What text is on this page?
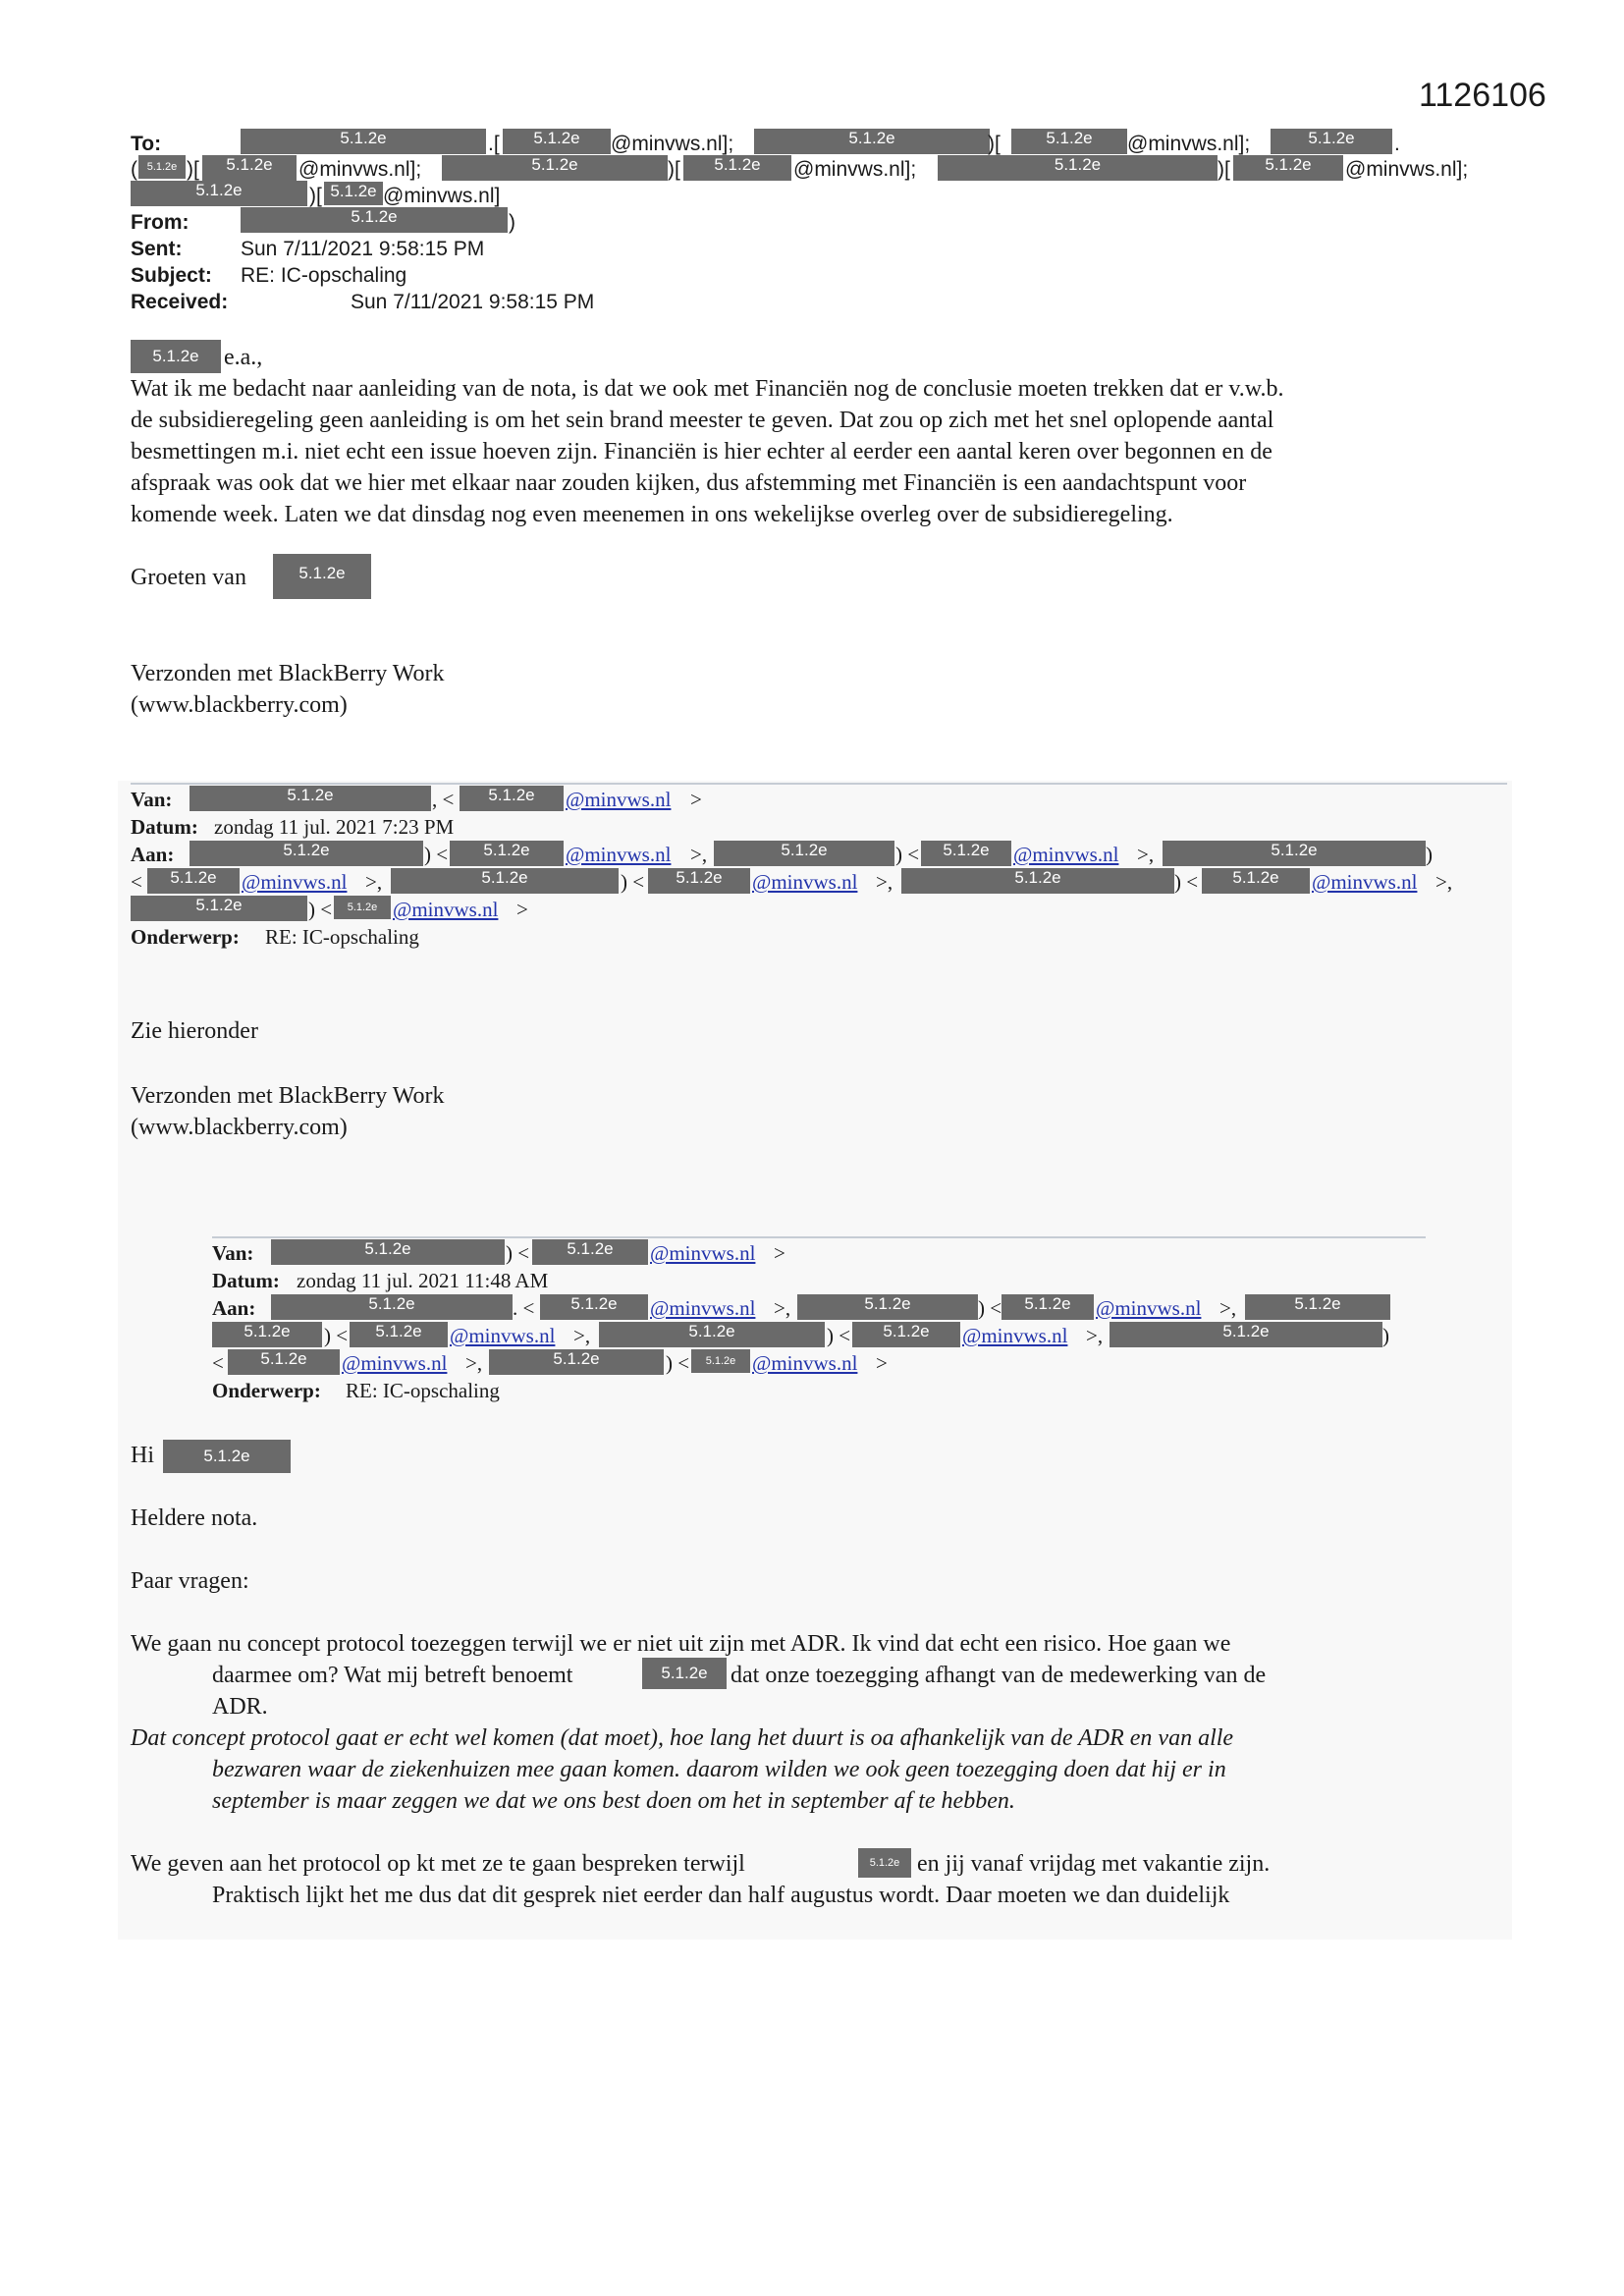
1126106
To:	5.1.2e	.[	5.1.2e	@minvws.nl];	5.1.2e	)[	5.1.2e	@minvws.nl];	5.1.2e	.
( 5.1.2e )[	5.1.2e	@minvws.nl];	5.1.2e	)[	5.1.2e	@minvws.nl];	5.1.2e	)[	5.1.2e	@minvws.nl];
5.1.2e	)[ 5.1.2e @minvws.nl]
From:	5.1.2e	)
Sent:	Sun 7/11/2021 9:58:15 PM
Subject: RE: IC-opschaling
Received:	Sun 7/11/2021 9:58:15 PM
5.1.2e	e.a.,
Wat ik me bedacht naar aanleiding van de nota, is dat we ook met Financiën nog de conclusie moeten trekken dat er v.w.b.
de subsidieregeling geen aanleiding is om het sein brand meester te geven. Dat zou op zich met het snel oplopende aantal
besmettingen m.i. niet echt een issue hoeven zijn. Financiën is hier echter al eerder een aantal keren over begonnen en de
afspraak was ook dat we hier met elkaar naar zouden kijken, dus afstemming met Financiën is een aandachtspunt voor
komende week. Laten we dat dinsdag nog even meenemen in ons wekelijkse overleg over de subsidieregeling.
Groeten van	5.1.2e
Verzonden met BlackBerry Work
(www.blackberry.com)
Van:	5.1.2e	, <	5.1.2e	@minvws.nl >
Datum: zondag 11 jul. 2021 7:23 PM
Aan:	5.1.2e	) <	5.1.2e	@minvws.nl >,	5.1.2e	) <	5.1.2e	@minvws.nl >,	5.1.2e	)
<	5.1.2e	@minvws.nl >,	5.1.2e	) <	5.1.2e	@minvws.nl >,	5.1.2e	) <	5.1.2e	@minvws.nl >,
5.1.2e	) <	5.1.2e @minvws.nl >
Onderwerp: RE: IC-opschaling
Zie hieronder
Verzonden met BlackBerry Work
(www.blackberry.com)
Van:	5.1.2e	) <	5.1.2e	@minvws.nl >
Datum: zondag 11 jul. 2021 11:48 AM
Aan:	5.1.2e	. <	5.1.2e	@minvws.nl >,	5.1.2e	) <	5.1.2e	@minvws.nl >,	5.1.2e
5.1.2e	) <	5.1.2e	@minvws.nl >,	5.1.2e	) <	5.1.2e	@minvws.nl >,	5.1.2e	)
<	5.1.2e	@minvws.nl >,	5.1.2e	) <	5.1.2e @minvws.nl >
Onderwerp: RE: IC-opschaling
Hi	5.1.2e
Heldere nota.
Paar vragen:
We gaan nu concept protocol toezeggen terwijl we er niet uit zijn met ADR. Ik vind dat echt een risico. Hoe gaan we
daarmee om? Wat mij betreft benoemt	5.1.2e dat onze toezegging afhangt van de medewerking van de
ADR.
Dat concept protocol gaat er echt wel komen (dat moet), hoe lang het duurt is oa afhankelijk van de ADR en van alle
bezwaren waar de ziekenhuizen mee gaan komen. daarom wilden we ook geen toezegging doen dat hij er in
september is maar zeggen we dat we ons best doen om het in september af te hebben.
We geven aan het protocol op kt met ze te gaan bespreken terwijl	5.1.2e en jij vanaf vrijdag met vakantie zijn.
Praktisch lijkt het me dus dat dit gesprek niet eerder dan half augustus wordt. Daar moeten we dan duidelijk
